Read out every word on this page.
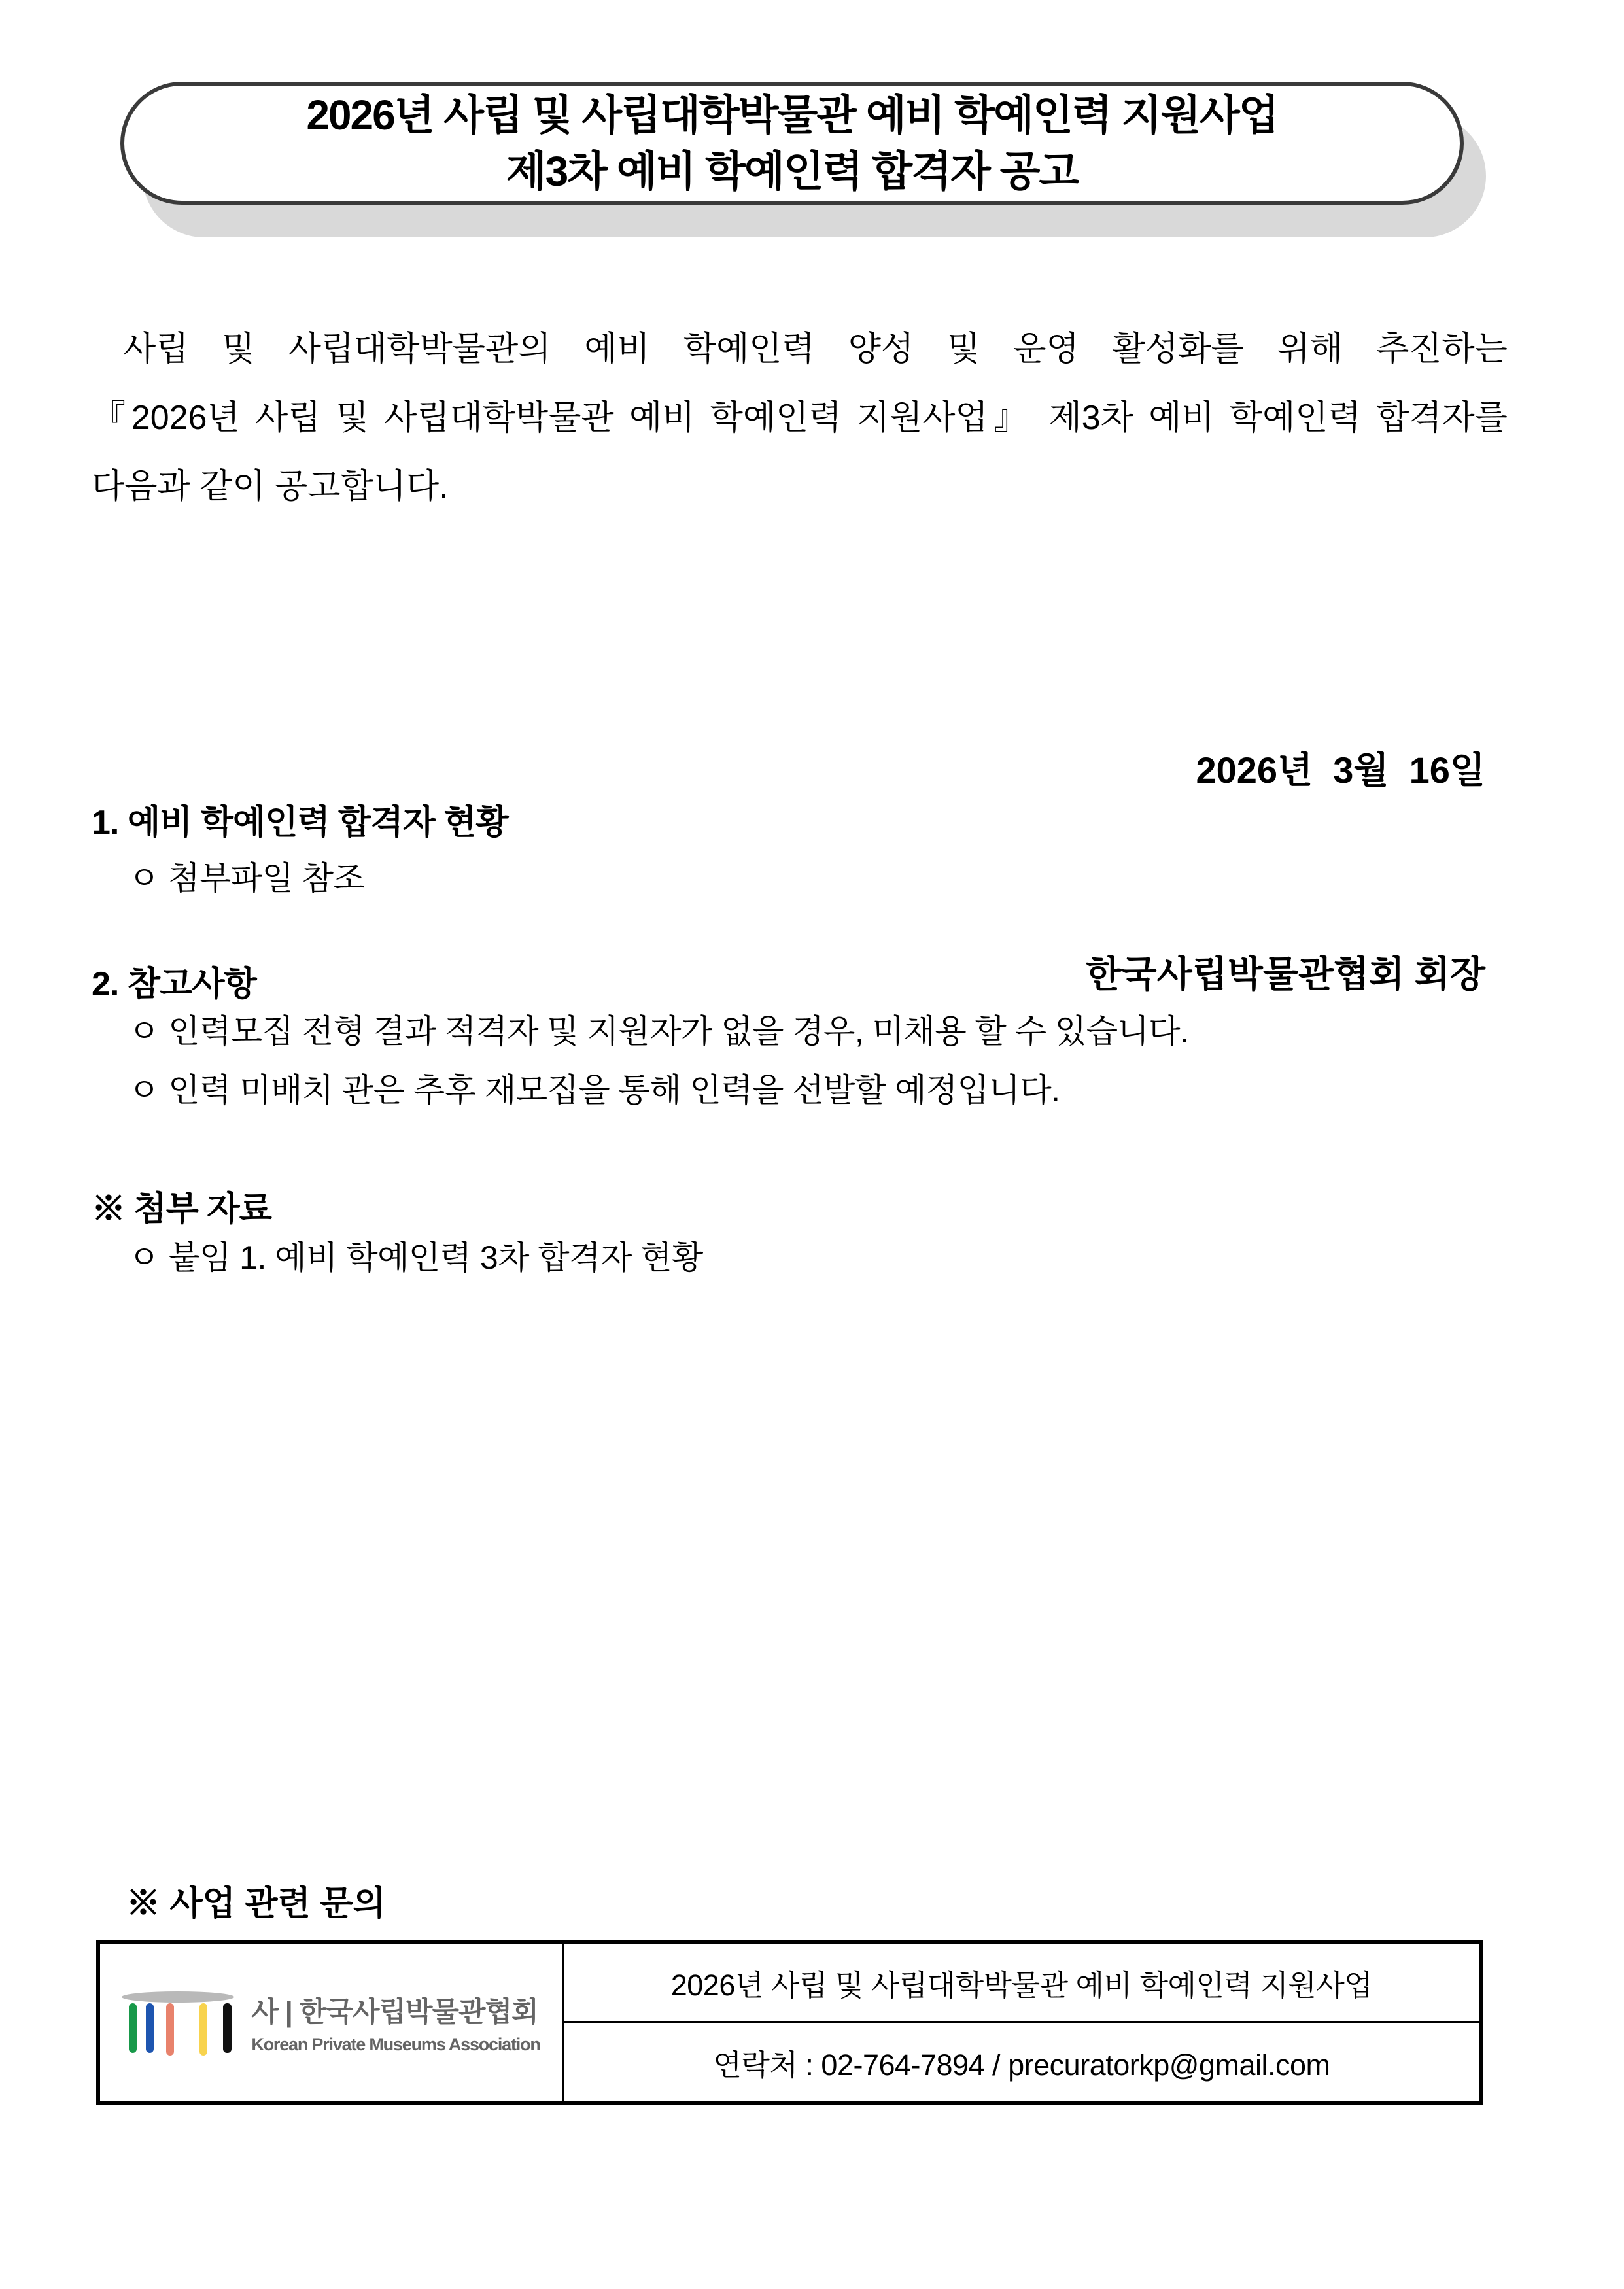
2026년 사립 및 사립대학박물관 예비 학예인력 지원사업
제3차 예비 학예인력 합격자 공고
사립 및 사립대학박물관의 예비 학예인력 양성 및 운영 활성화를 위해 추진하는
『2026년 사립 및 사립대학박물관 예비 학예인력 지원사업』 제3차 예비 학예인력 합격자를
다음과 같이 공고합니다.

2026년  3월  16일

한국사립박물관협회 회장

1. 예비 학예인력 합격자 현황
ㅇ 첨부파일 참조
2. 참고사항
ㅇ 인력모집 전형 결과 적격자 및 지원자가 없을 경우, 미채용 할 수 있습니다.
ㅇ 인력 미배치 관은 추후 재모집을 통해 인력을 선발할 예정입니다.
※ 첨부 자료
ㅇ 붙임 1. 예비 학예인력 3차 합격자 현황
※ 사업 관련 문의
사 | 한국사립박물관협회
Korean Private Museums Association
2026년 사립 및 사립대학박물관 예비 학예인력 지원사업
연락처 : 02-764-7894 / precuratorkp@gmail.com
